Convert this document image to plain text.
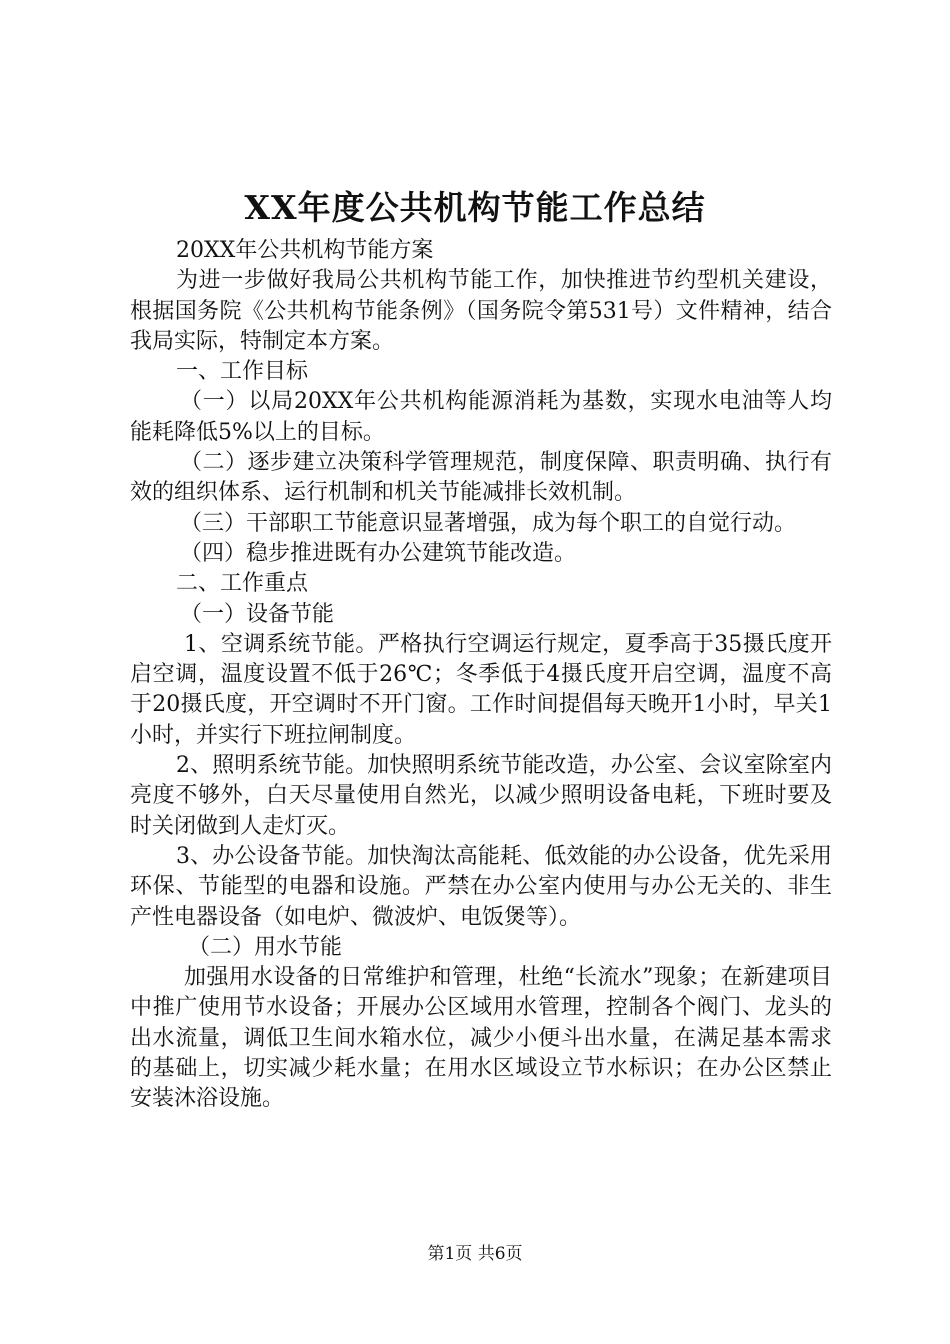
XX年度公共机构节能工作总结

20XX年公共机构节能方案

为进一步做好我局公共机构节能工作，加快推进节约型机关建设，根据国务院《公共机构节能条例》（国务院令第531号）文件精神，结合我局实际，特制定本方案。

一、工作目标

（一）以局20XX年公共机构能源消耗为基数，实现水电油等人均能耗降低5%以上的目标。

（二）逐步建立决策科学管理规范，制度保障、职责明确、执行有效的组织体系、运行机制和机关节能减排长效机制。

（三）干部职工节能意识显著增强，成为每个职工的自觉行动。

（四）稳步推进既有办公建筑节能改造。

二、工作重点

（一）设备节能

1、空调系统节能。严格执行空调运行规定，夏季高于35摄氏度开启空调，温度设置不低于26℃；冬季低于4摄氏度开启空调，温度不高于20摄氏度，开空调时不开门窗。工作时间提倡每天晚开1小时，早关1小时，并实行下班拉闸制度。

2、照明系统节能。加快照明系统节能改造，办公室、会议室除室内亮度不够外，白天尽量使用自然光，以减少照明设备电耗，下班时要及时关闭做到人走灯灭。

3、办公设备节能。加快淘汰高能耗、低效能的办公设备，优先采用环保、节能型的电器和设施。严禁在办公室内使用与办公无关的、非生产性电器设备（如电炉、微波炉、电饭煲等）。

（二）用水节能

加强用水设备的日常维护和管理，杜绝“长流水”现象；在新建项目中推广使用节水设备；开展办公区域用水管理，控制各个阀门、龙头的出水流量，调低卫生间水箱水位，减少小便斗出水量，在满足基本需求的基础上，切实减少耗水量；在用水区域设立节水标识；在办公区禁止安装沐浴设施。

第1页 共6页
